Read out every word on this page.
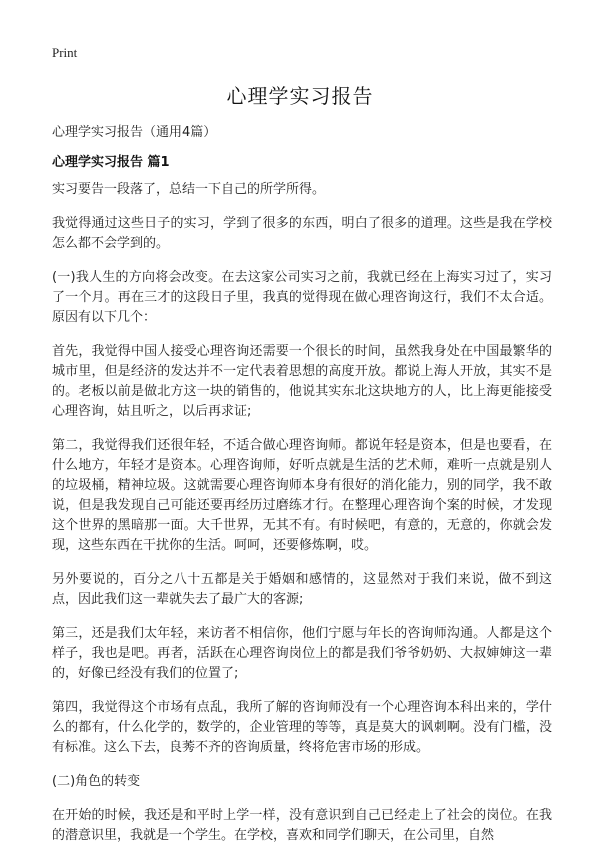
Print
心理学实习报告
心理学实习报告（通用4篇）
心理学实习报告 篇1

实习要告一段落了，总结一下自己的所学所得。

我觉得通过这些日子的实习，学到了很多的东西，明白了很多的道理。这些是我在学校怎么都不会学到的。

(一)我人生的方向将会改变。在去这家公司实习之前，我就已经在上海实习过了，实习了一个月。再在三才的这段日子里，我真的觉得现在做心理咨询这行，我们不太合适。原因有以下几个：

首先，我觉得中国人接受心理咨询还需要一个很长的时间，虽然我身处在中国最繁华的城市里，但是经济的发达并不一定代表着思想的高度开放。都说上海人开放，其实不是的。老板以前是做北方这一块的销售的，他说其实东北这块地方的人，比上海更能接受心理咨询，姑且听之，以后再求证;

第二，我觉得我们还很年轻，不适合做心理咨询师。都说年轻是资本，但是也要看，在什么地方，年轻才是资本。心理咨询师，好听点就是生活的艺术师，难听一点就是别人的垃圾桶，精神垃圾。这就需要心理咨询师本身有很好的消化能力，别的同学，我不敢说，但是我发现自己可能还要再经历过磨练才行。在整理心理咨询个案的时候，才发现这个世界的黑暗那一面。大千世界，无其不有。有时候吧，有意的，无意的，你就会发现，这些东西在干扰你的生活。呵呵，还要修炼啊，哎。

另外要说的，百分之八十五都是关于婚姻和感情的，这显然对于我们来说，做不到这点，因此我们这一辈就失去了最广大的客源;

第三，还是我们太年轻，来访者不相信你，他们宁愿与年长的咨询师沟通。人都是这个样子，我也是吧。再者，活跃在心理咨询岗位上的都是我们爷爷奶奶、大叔婶婶这一辈的，好像已经没有我们的位置了;

第四，我觉得这个市场有点乱，我所了解的咨询师没有一个心理咨询本科出来的，学什么的都有，什么化学的，数学的，企业管理的等等，真是莫大的讽刺啊。没有门槛，没有标准。这么下去，良莠不齐的咨询质量，终将危害市场的形成。

(二)角色的转变

在开始的时候，我还是和平时上学一样，没有意识到自己已经走上了社会的岗位。在我的潜意识里，我就是一个学生。在学校，喜欢和同学们聊天，在公司里，自然
